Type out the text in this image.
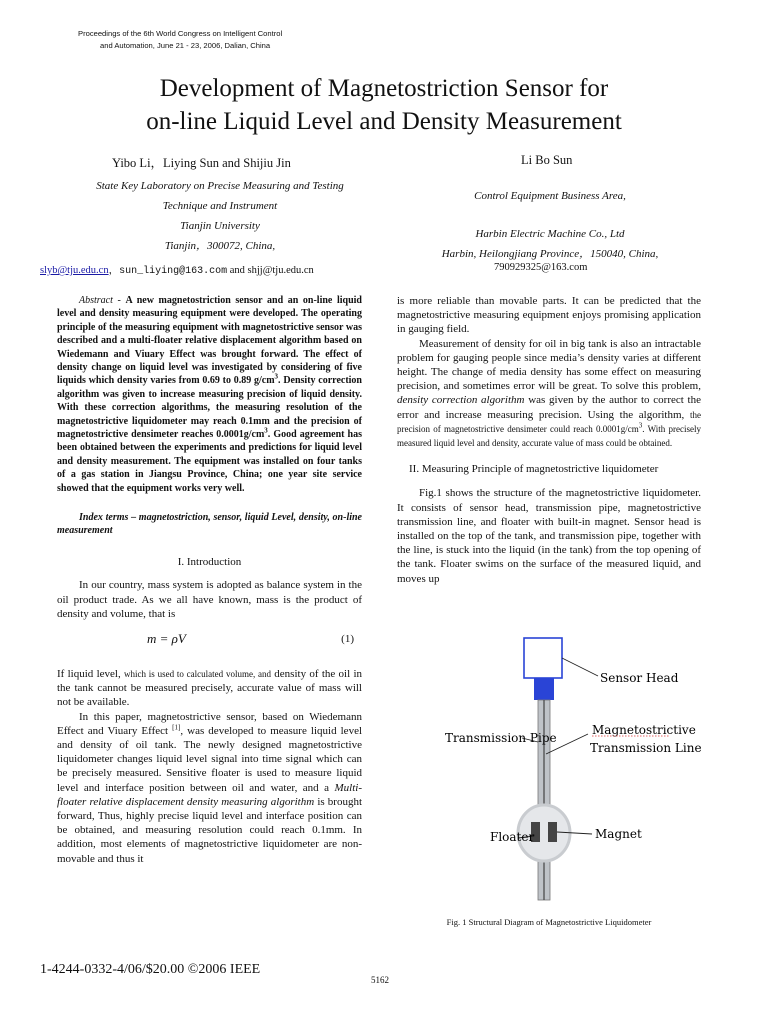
Proceedings of the 6th World Congress on Intelligent Control
and Automation, June 21 - 23, 2006, Dalian, China
Development of Magnetostriction Sensor for
on-line Liquid Level and Density Measurement
Yibo Li，Liying Sun and Shijiu Jin	Li Bo Sun
State Key Laboratory on Precise Measuring and Testing
Technique and Instrument
Tianjin University
Tianjin，300072, China,
Control Equipment Business Area,
Harbin Electric Machine Co., Ltd
Harbin, Heilongjiang Province，150040, China,
slyb@tju.edu.cn，sun_liying@163.com and shjj@tju.edu.cn	790929325@163.com

Abstract - A new magnetostriction sensor and an on-line liquid level and density measuring equipment were developed. The operating principle of the measuring equipment with magnetostrictive sensor was described and a multi-floater relative displacement algorithm based on Wiedemann and Viuary Effect was brought forward. The effect of density change on liquid level was investigated by considering of five liquids which density varies from 0.69 to 0.89 $g/cm^3$. Density correction algorithm was given to increase measuring precision of liquid density. With these correction algorithms, the measuring resolution of the magnetostrictive liquidometer may reach 0.1mm and the precision of magnetostrictive densimeter reaches $0.0001g/cm^3$. Good agreement has been obtained between the experiments and predictions for liquid level and density measurement. The equipment was installed on four tanks of a gas station in Jiangsu Province, China; one year site service showed that the equipment works very well.

Index terms – magnetostriction, sensor, liquid Level, density, on-line measurement

I. Introduction

In our country, mass system is adopted as balance system in the oil product trade. As we all have known, mass is the product of density and volume, that is

m = ρV	(1)

If liquid level, which is used to calculated volume, and density of the oil in the tank cannot be measured precisely, accurate value of mass will not be available.

In this paper, magnetostrictive sensor, based on Wiedemann Effect and Viuary Effect [1], was developed to measure liquid level and density of oil tank. The newly designed magnetostrictive liquidometer changes liquid level signal into time signal which can be precisely measured. Sensitive floater is used to measure liquid level and interface position between oil and water, and a Multi-floater relative displacement density measuring algorithm is brought forward, Thus, highly precise liquid level and interface position can be obtained, and measuring resolution could reach 0.1mm. In addition, most elements of magnetostrictive liquidometer are non-movable and thus it

is more reliable than movable parts. It can be predicted that the magnetostrictive measuring equipment enjoys promising application in gauging field.

Measurement of density for oil in big tank is also an intractable problem for gauging people since media’s density varies at different height. The change of media density has some effect on measuring precision, and sometimes error will be great. To solve this problem, density correction algorithm was given by the author to correct the error and increase measuring precision. Using the algorithm, the precision of magnetostrictive densimeter could reach $0.0001g/cm^3$. With precisely measured liquid level and density, accurate value of mass could be obtained.

II. Measuring Principle of magnetostrictive liquidometer

Fig.1 shows the structure of the magnetostrictive liquidometer. It consists of sensor head, transmission pipe, magnetostrictive transmission line, and floater with built-in magnet. Sensor head is installed on the top of the tank, and transmission pipe, together with the line, is stuck into the liquid (in the tank) from the top opening of the tank. Floater swims on the surface of the measured liquid, and moves up

Sensor Head
Transmission Pipe
Magnetostrictive
Transmission Line
Floater	Magnet
Fig. 1 Structural Diagram of Magnetostrictive Liquidometer
1-4244-0332-4/06/$20.00 ©2006 IEEE
5162
